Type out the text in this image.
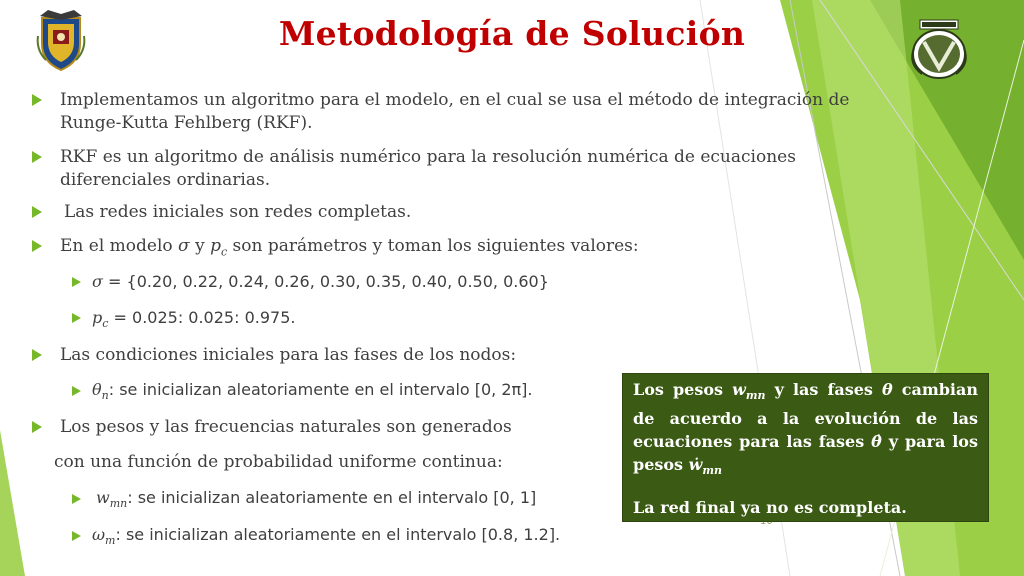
Metodología de Solución
Implementamos un algoritmo para el modelo, en el cual se usa el método de integración de
Runge-Kutta Fehlberg (RKF).
RKF es un algoritmo de análisis numérico para la resolución numérica de ecuaciones
diferenciales ordinarias.
Las redes iniciales son redes completas.
En el modelo σ y $p_c$ son parámetros y toman los siguientes valores:
σ = {0.20, 0.22, 0.24, 0.26, 0.30, 0.35, 0.40, 0.50, 0.60}
$p_c = 0.025$: 0.025: 0.975.
Las condiciones iniciales para las fases de los nodos:
$\theta_n$: se inicializan aleatoriamente en el intervalo [0, 2π].
Los pesos y las frecuencias naturales son generados
con una función de probabilidad uniforme continua:
$w_{mn}$: se inicializan aleatoriamente en el intervalo [0, 1]
$\omega_m$: se inicializan aleatoriamente en el intervalo [0.8, 1.2].

Los pesos $w_{mn}$ y las fases θ cambian de acuerdo a la evolución de las ecuaciones para las fases θ̇ y para los pesos ẇ$_{mn}$

La red final ya no es completa.
